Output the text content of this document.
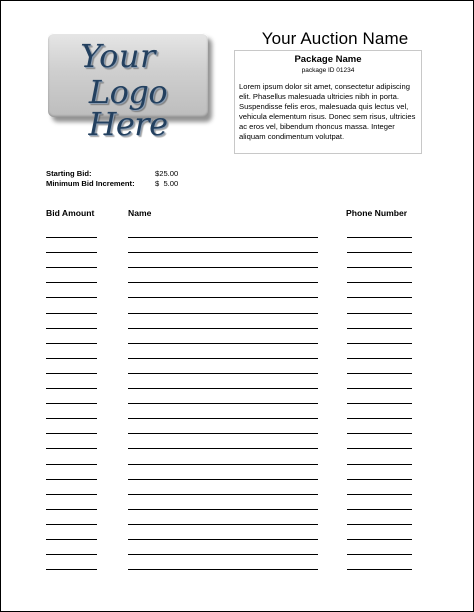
Your
Logo Here
Your Auction Name
Package Name
package ID 01234
Lorem ipsum dolor sit amet, consectetur adipiscing elit. Phasellus malesuada ultricies nibh in porta. Suspendisse felis eros, malesuada quis lectus vel, vehicula elementum risus. Donec sem risus, ultricies ac eros vel, bibendum rhoncus massa. Integer aliquam condimentum volutpat.
Starting Bid:	$25.00
Minimum Bid Increment:	$  5.00
Bid Amount	Name	Phone Number
